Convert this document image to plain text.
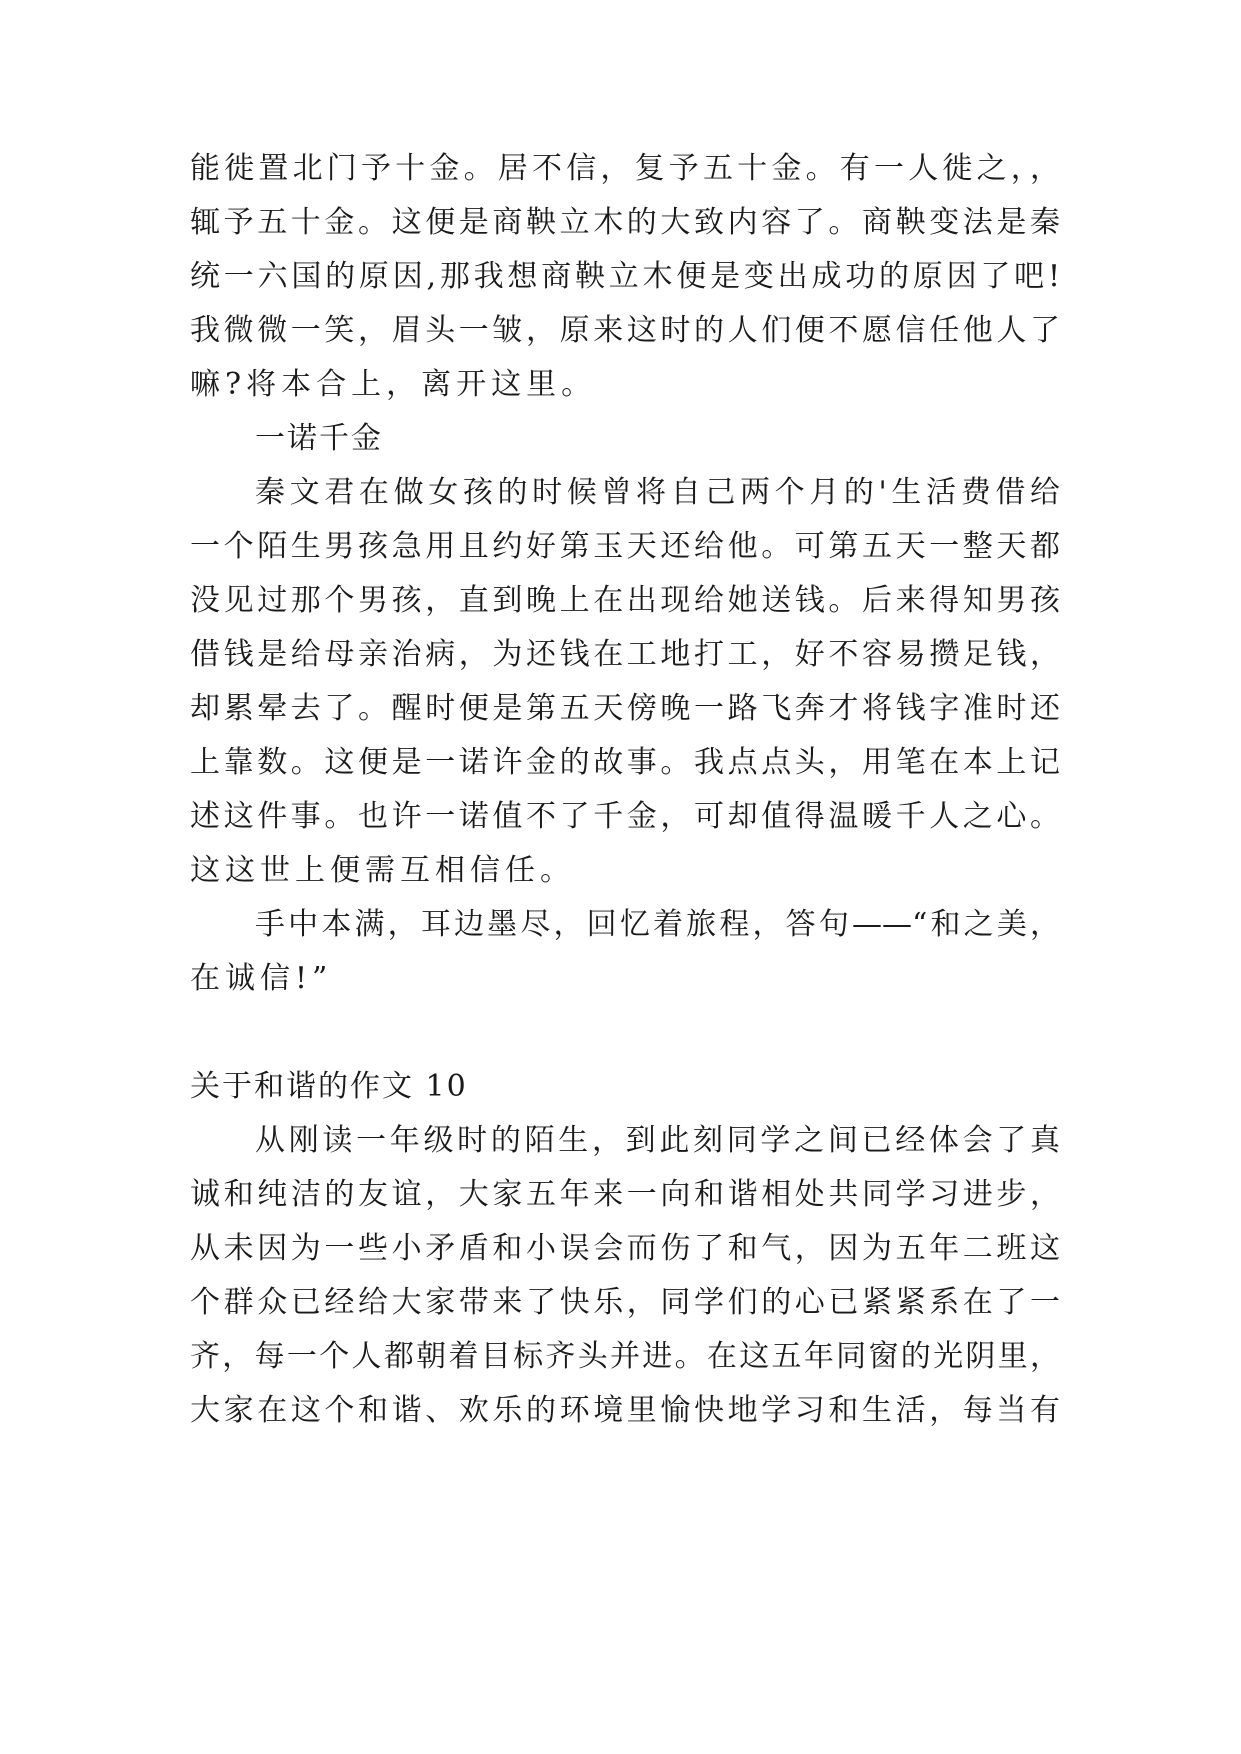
能徙置北门予十金。居不信，复予五十金。有一人徙之，，
辄予五十金。这便是商鞅立木的大致内容了。商鞅变法是秦
统一六国的原因,那我想商鞅立木便是变出成功的原因了吧!
我微微一笑，眉头一皱，原来这时的人们便不愿信任他人了
嘛?将本合上，离开这里。
一诺千金
秦文君在做女孩的时候曾将自己两个月的'生活费借给
一个陌生男孩急用且约好第玉天还给他。可第五天一整天都
没见过那个男孩，直到晚上在出现给她送钱。后来得知男孩
借钱是给母亲治病，为还钱在工地打工，好不容易攒足钱，
却累晕去了。醒时便是第五天傍晚一路飞奔才将钱字准时还
上靠数。这便是一诺许金的故事。我点点头，用笔在本上记
述这件事。也许一诺值不了千金，可却值得温暖千人之心。
这这世上便需互相信任。
手中本满，耳边墨尽，回忆着旅程，答句——“和之美，
在诚信!”
关于和谐的作文 10
从刚读一年级时的陌生，到此刻同学之间已经体会了真
诚和纯洁的友谊，大家五年来一向和谐相处共同学习进步，
从未因为一些小矛盾和小误会而伤了和气，因为五年二班这
个群众已经给大家带来了快乐，同学们的心已紧紧系在了一
齐，每一个人都朝着目标齐头并进。在这五年同窗的光阴里，
大家在这个和谐、欢乐的环境里愉快地学习和生活，每当有
